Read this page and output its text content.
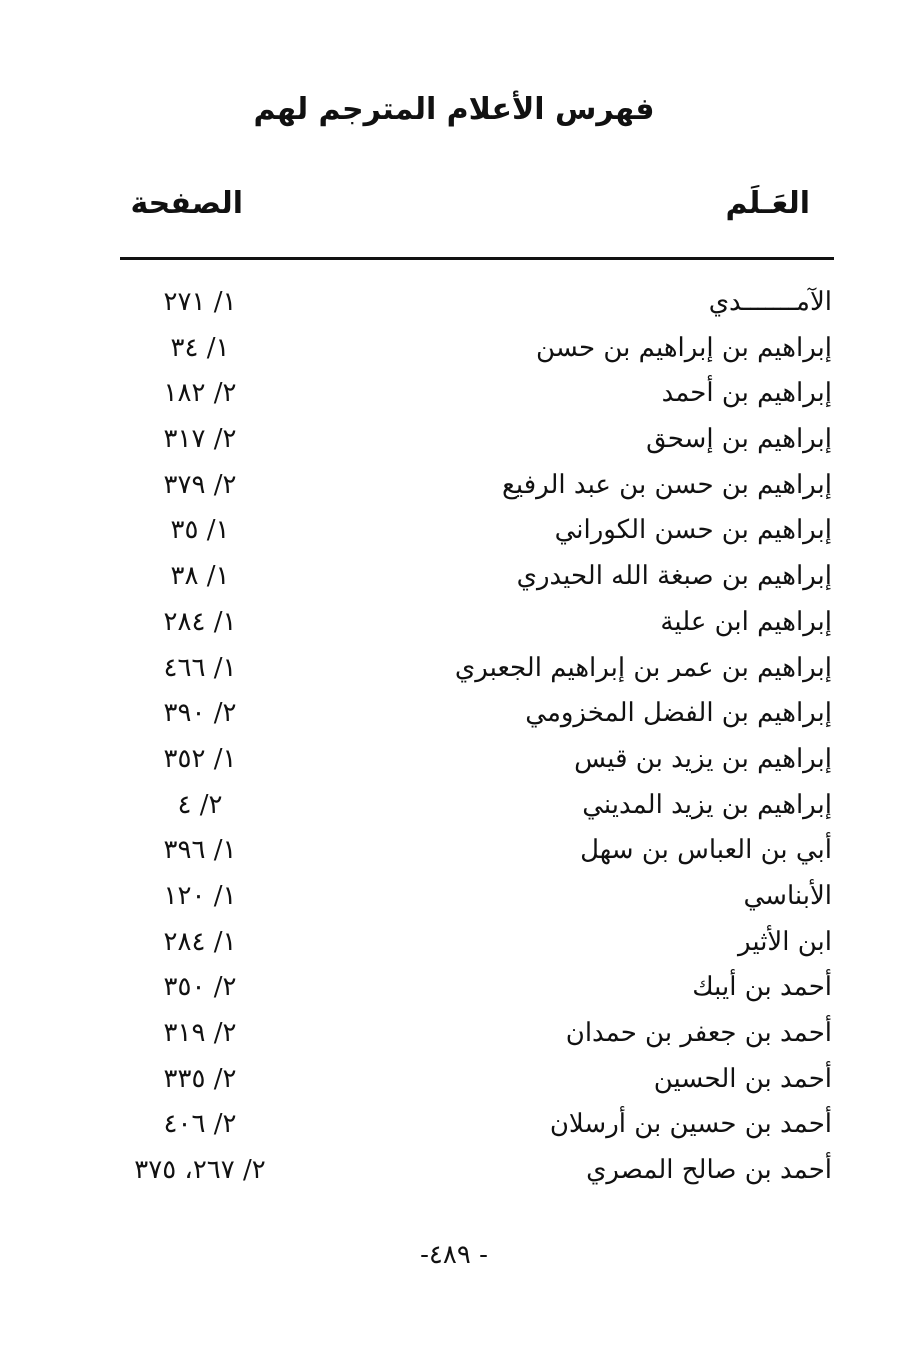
فهرس الأعلام المترجم لهم
العَـلَم
الصفحة
الآمـــــــدي
١/ ٢٧١
إبراهيم بن إبراهيم بن حسن
١/ ٣٤
إبراهيم بن أحمد
٢/ ١٨٢
إبراهيم بن إسحق
٢/ ٣١٧
إبراهيم بن حسن بن عبد الرفيع
٢/ ٣٧٩
إبراهيم بن حسن الكوراني
١/ ٣٥
إبراهيم بن صبغة الله الحيدري
١/ ٣٨
إبراهيم ابن علية
١/ ٢٨٤
إبراهيم بن عمر بن إبراهيم الجعبري
١/ ٤٦٦
إبراهيم بن الفضل المخزومي
٢/ ٣٩٠
إبراهيم بن يزيد بن قيس
١/ ٣٥٢
إبراهيم بن يزيد المديني
٢/ ٤
أبي بن العباس بن سهل
١/ ٣٩٦
الأبناسي
١/ ١٢٠
ابن الأثير
١/ ٢٨٤
أحمد بن أيبك
٢/ ٣٥٠
أحمد بن جعفر بن حمدان
٢/ ٣١٩
أحمد بن الحسين
٢/ ٣٣٥
أحمد بن حسين بن أرسلان
٢/ ٤٠٦
أحمد بن صالح المصري
٢/ ٢٦٧، ٣٧٥
- ٤٨٩-
